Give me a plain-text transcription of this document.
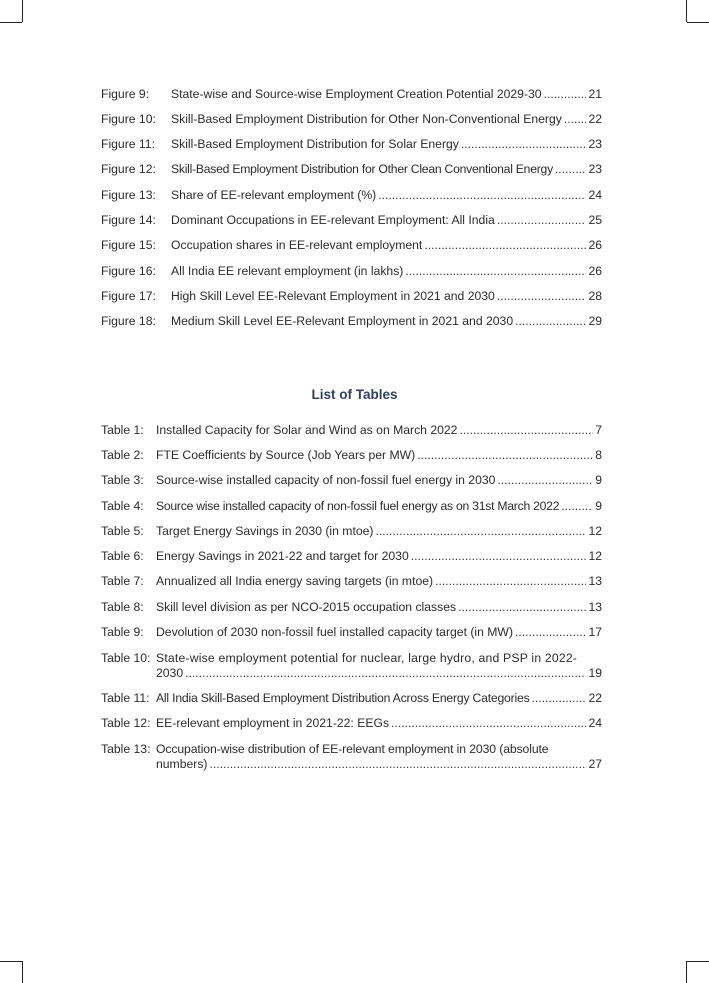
Figure 9:	State-wise and Source-wise Employment Creation Potential 2029-30 .....	21
Figure 10:	Skill-Based Employment Distribution for Other Non-Conventional Energy ..... 22
Figure 11:	Skill-Based Employment Distribution for Solar Energy .....	23
Figure 12:	Skill-Based Employment Distribution for Other Clean Conventional Energy .....	23
Figure 13:	Share of EE-relevant employment (%) .....	24
Figure 14:	Dominant Occupations in EE-relevant Employment: All India .....	25
Figure 15:	Occupation shares in EE-relevant employment .....	26
Figure 16:	All India EE relevant employment (in lakhs) .....	26
Figure 17:	High Skill Level EE-Relevant Employment in 2021 and 2030 .....	28
Figure 18:	Medium Skill Level EE-Relevant Employment in 2021 and 2030 .....	29
List of Tables
Table 1:	Installed Capacity for Solar and Wind as on March 2022 .....	7
Table 2:	FTE Coefficients by Source (Job Years per MW) .....	8
Table 3:	Source-wise installed capacity of non-fossil fuel energy in 2030 .....	9
Table 4:	Source wise installed capacity of non-fossil fuel energy as on 31st March 2022 .....	9
Table 5:	Target Energy Savings in 2030 (in mtoe) .....	12
Table 6:	Energy Savings in 2021-22 and target for 2030 .....	12
Table 7:	Annualized all India energy saving targets (in mtoe) .....	13
Table 8:	Skill level division as per NCO-2015 occupation classes .....	13
Table 9:	Devolution of 2030 non-fossil fuel installed capacity target (in MW) .....	17
Table 10: State-wise employment potential for nuclear, large hydro, and PSP in 2022-
2030 .....	19
Table 11: All India Skill-Based Employment Distribution Across Energy Categories .....	22
Table 12: EE-relevant employment in 2021-22: EEGs .....	24
Table 13: Occupation-wise distribution of EE-relevant employment in 2030 (absolute
numbers) .....	27
